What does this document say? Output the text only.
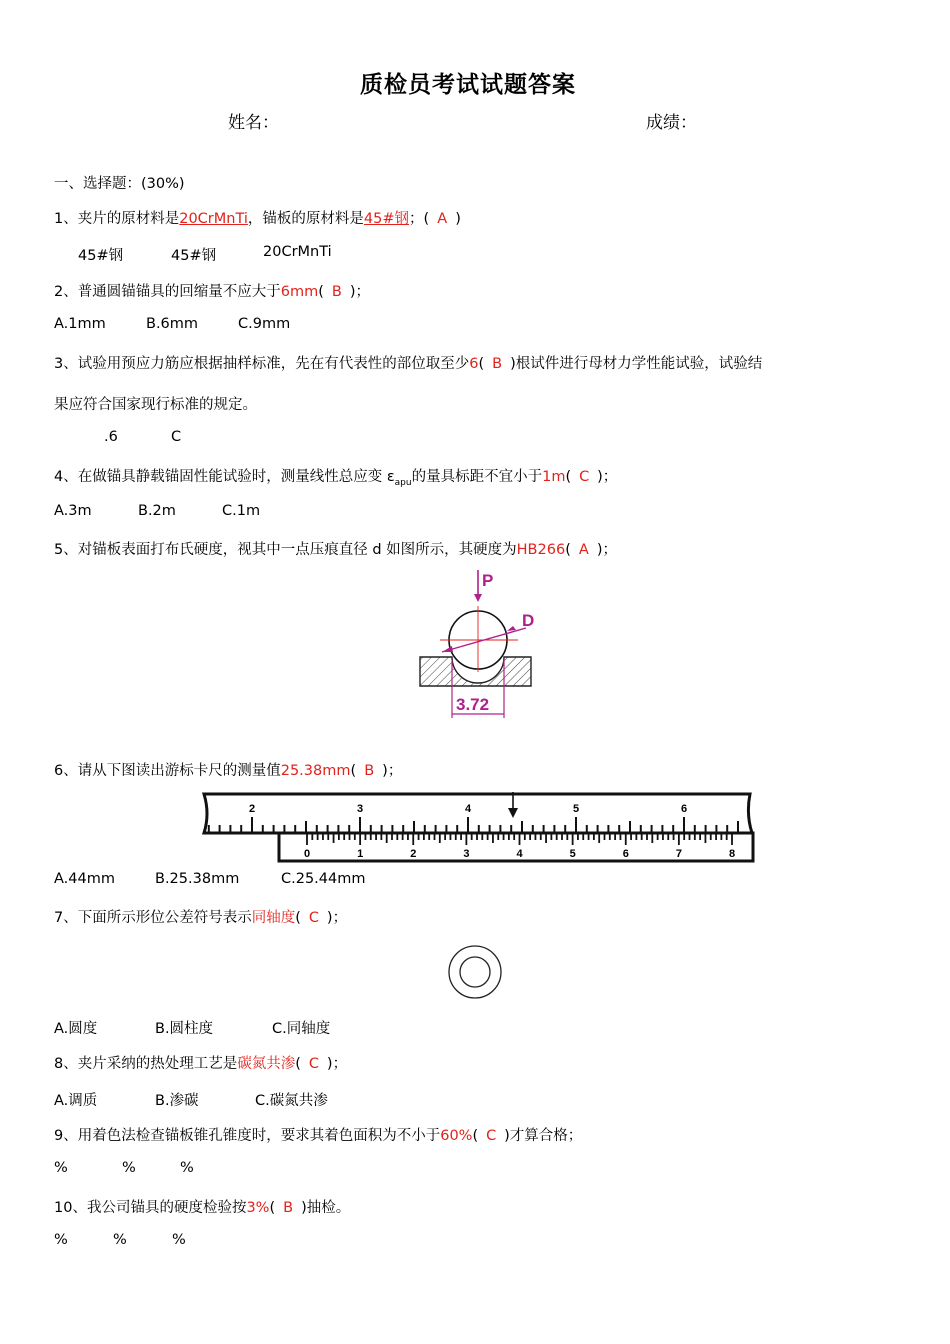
质检员考试试题答案
姓名：	成绩：
一、选择题：(30%)
1、夹片的原材料是20CrMnTi，锚板的原材料是45#钢；( A )
45#钢	45#钢	20CrMnTi
2、普通圆锚锚具的回缩量不应大于6mm( B )；
A.1mm	B.6mm	C.9mm
3、试验用预应力筋应根据抽样标准，先在有代表性的部位取至少6( B )根试件进行母材力学性能试验，试验结
果应符合国家现行标准的规定。
.6	C
4、在做锚具静载锚固性能试验时，测量线性总应变 $\varepsilon_{apu}$的量具标距不宜小于1m( C )；
A.3m	B.2m	C.1m
5、对锚板表面打布氏硬度，视其中一点压痕直径 d 如图所示，其硬度为HB266( A )；
P
D
3.72
6、请从下图读出游标卡尺的测量值25.38mm( B )；
2	3	4	5	6
0	1	2	3	4	5	6	7	8
A.44mm	B.25.38mm	C.25.44mm
7、下面所示形位公差符号表示同轴度( C )；
A.圆度	B.圆柱度	C.同轴度
8、夹片采纳的热处理工艺是碳氮共渗( C )；
A.调质	B.渗碳	C.碳氮共渗
9、用着色法检查锚板锥孔锥度时，要求其着色面积为不小于60%( C )才算合格；
%	%	%
10、我公司锚具的硬度检验按3%( B )抽检。
%	%	%
